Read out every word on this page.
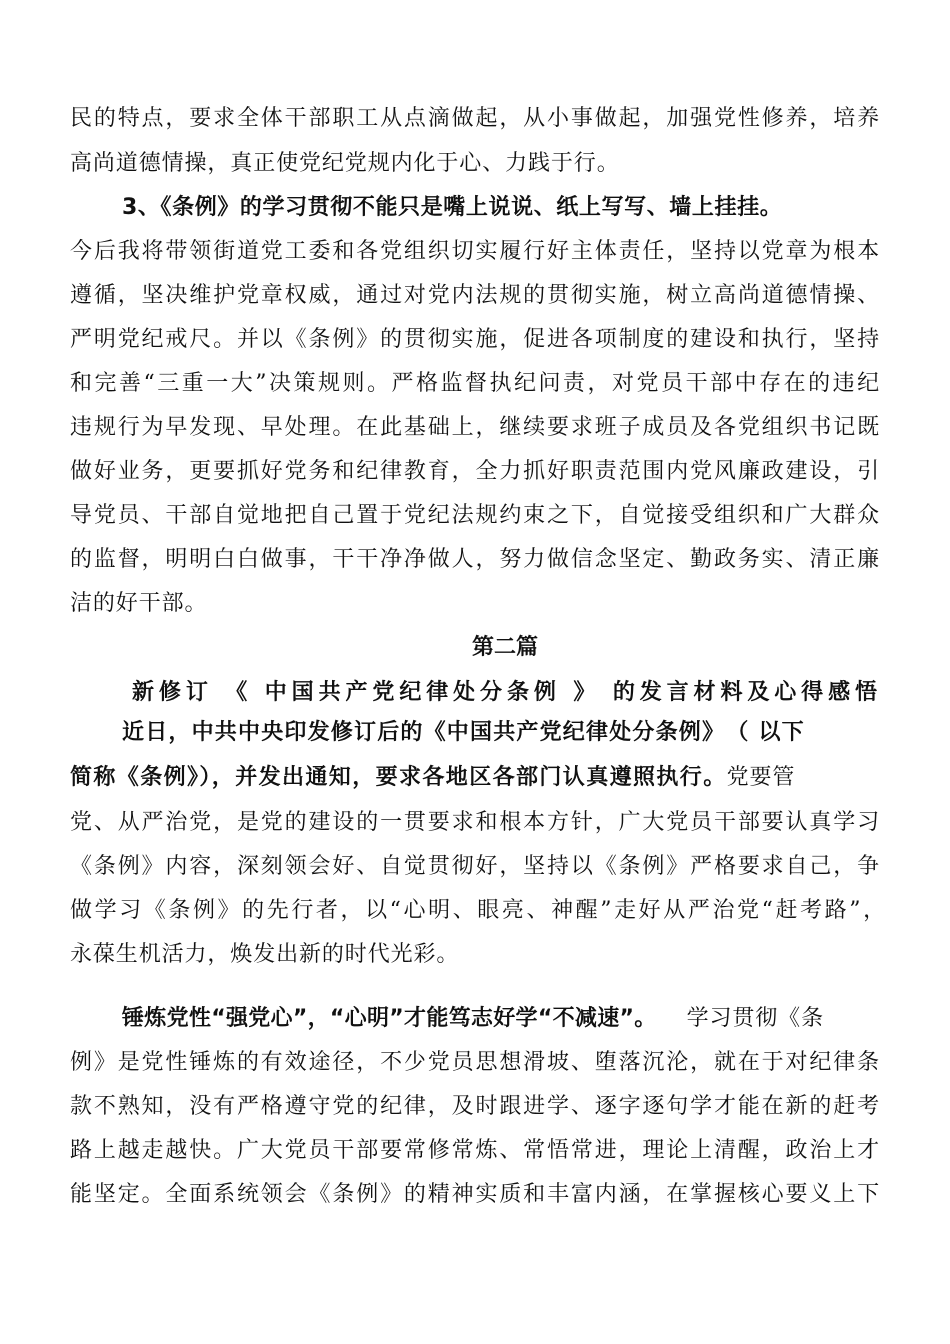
民的特点，要求全体干部职工从点滴做起，从小事做起，加强党性修养，培养
高尚道德情操，真正使党纪党规内化于心、力践于行。
3、《条例》的学习贯彻不能只是嘴上说说、纸上写写、墙上挂挂。
今后我将带领街道党工委和各党组织切实履行好主体责任，坚持以党章为根本
遵循，坚决维护党章权威，通过对党内法规的贯彻实施，树立高尚道德情操、
严明党纪戒尺。并以《条例》的贯彻实施，促进各项制度的建设和执行，坚持
和完善“三重一大”决策规则。严格监督执纪问责，对党员干部中存在的违纪
违规行为早发现、早处理。在此基础上，继续要求班子成员及各党组织书记既
做好业务，更要抓好党务和纪律教育，全力抓好职责范围内党风廉政建设，引
导党员、干部自觉地把自己置于党纪法规约束之下，自觉接受组织和广大群众
的监督，明明白白做事，干干净净做人，努力做信念坚定、勤政务实、清正廉
洁的好干部。
第二篇
新修订 《 中国共产党纪律处分条例 》 的发言材料及心得感悟
近日，中共中央印发修订后的《中国共产党纪律处分条例》　（ 以下
简称《条例》），并发出通知，要求各地区各部门认真遵照执行。党要管
党、从严治党，是党的建设的一贯要求和根本方针，广大党员干部要认真学习
《条例》内容，深刻领会好、自觉贯彻好，坚持以《条例》严格要求自己，争
做学习《条例》的先行者，以“心明、眼亮、神醒”走好从严治党“赶考路”，
永葆生机活力，焕发出新的时代光彩。
锤炼党性“强党心”，“心明”才能笃志好学“不减速”。 学习贯彻《条
例》是党性锤炼的有效途径，不少党员思想滑坡、堕落沉沦，就在于对纪律条
款不熟知，没有严格遵守党的纪律，及时跟进学、逐字逐句学才能在新的赶考
路上越走越快。广大党员干部要常修常炼、常悟常进，理论上清醒，政治上才
能坚定。全面系统领会《条例》的精神实质和丰富内涵，在掌握核心要义上下
